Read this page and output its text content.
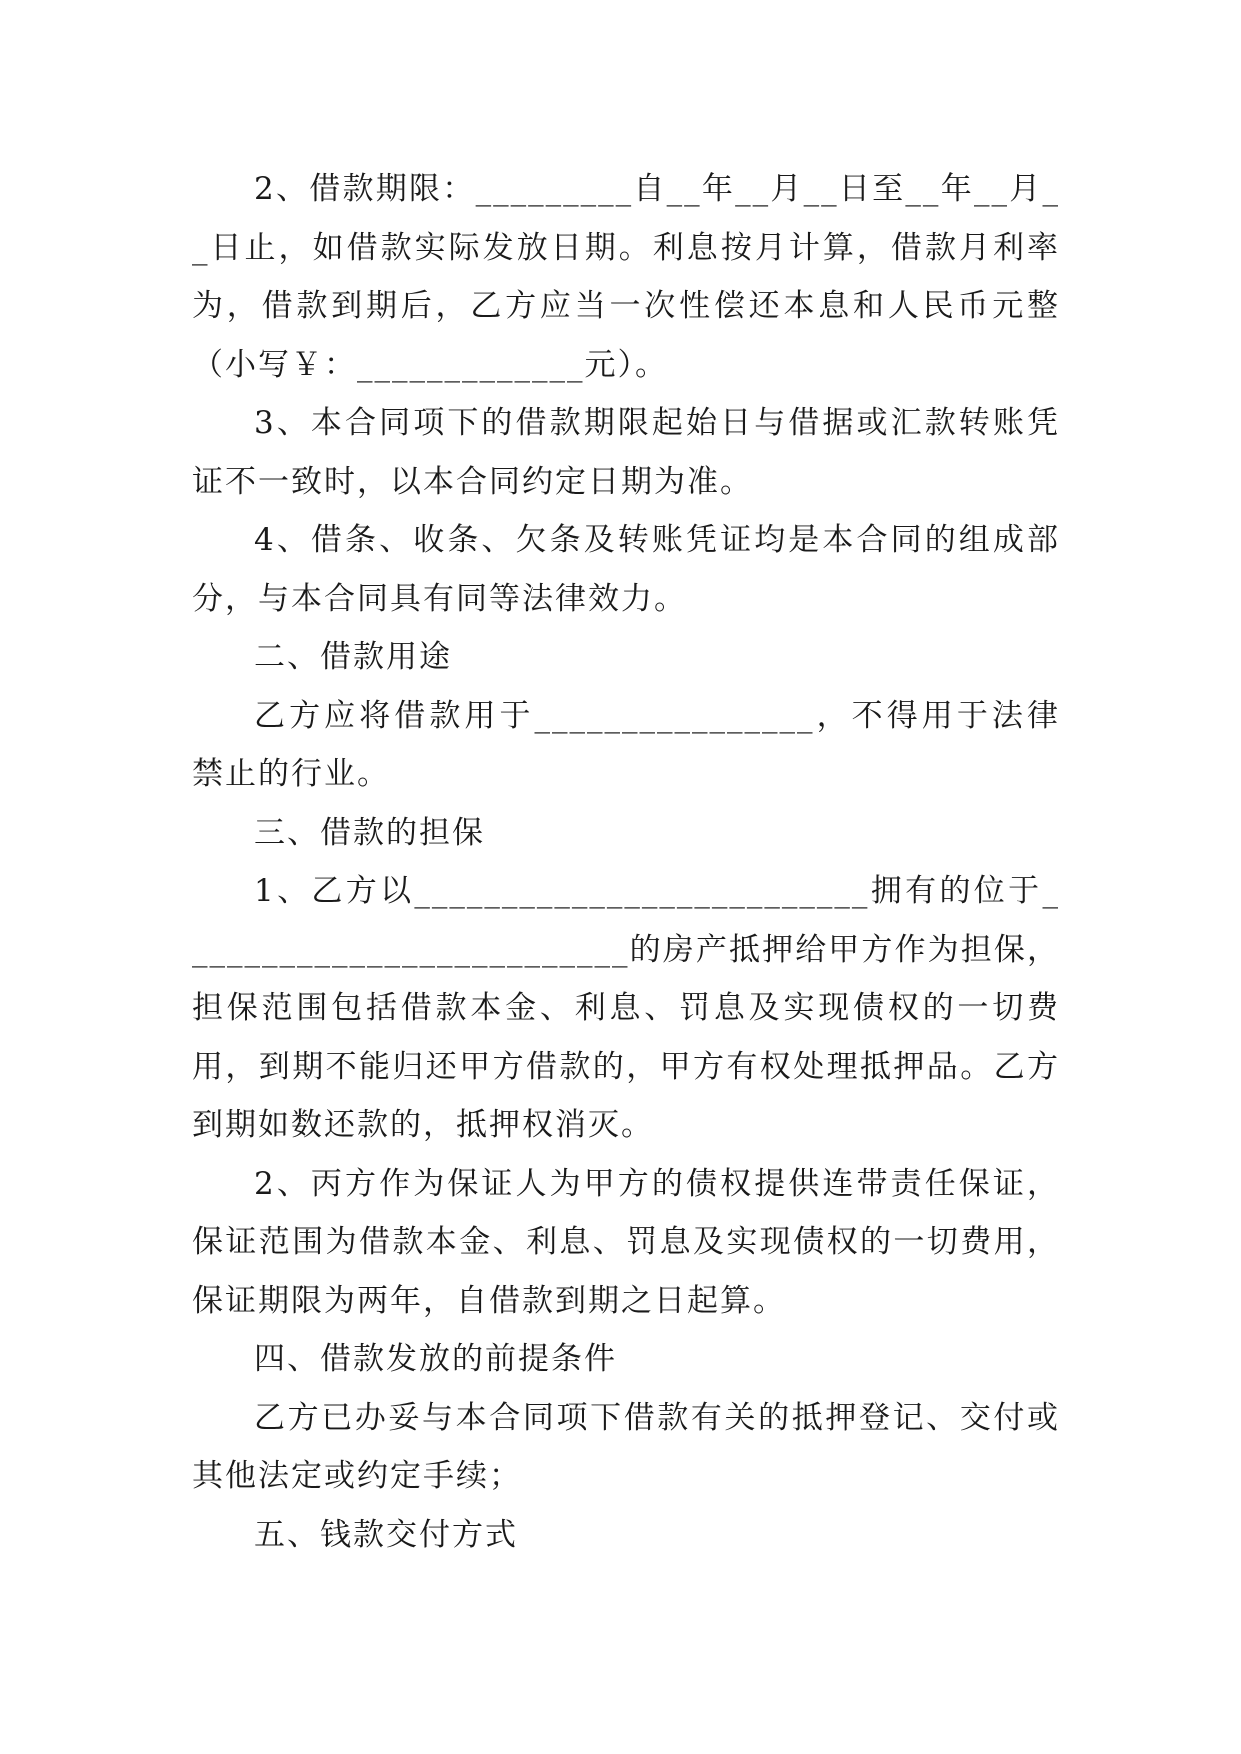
2、借款期限：_________自__年__月__日至__年__月__日止，如借款实际发放日期。利息按月计算，借款月利率为，借款到期后，乙方应当一次性偿还本息和人民币元整（小写￥：_____________元）。

3、本合同项下的借款期限起始日与借据或汇款转账凭证不一致时，以本合同约定日期为准。

4、借条、收条、欠条及转账凭证均是本合同的组成部分，与本合同具有同等法律效力。

二、借款用途

乙方应将借款用于________________，不得用于法律禁止的行业。

三、借款的担保

1、乙方以__________________________拥有的位于__________________________的房产抵押给甲方作为担保，担保范围包括借款本金、利息、罚息及实现债权的一切费用，到期不能归还甲方借款的，甲方有权处理抵押品。乙方到期如数还款的，抵押权消灭。

2、丙方作为保证人为甲方的债权提供连带责任保证，保证范围为借款本金、利息、罚息及实现债权的一切费用，保证期限为两年，自借款到期之日起算。

四、借款发放的前提条件

乙方已办妥与本合同项下借款有关的抵押登记、交付或其他法定或约定手续；

五、钱款交付方式
